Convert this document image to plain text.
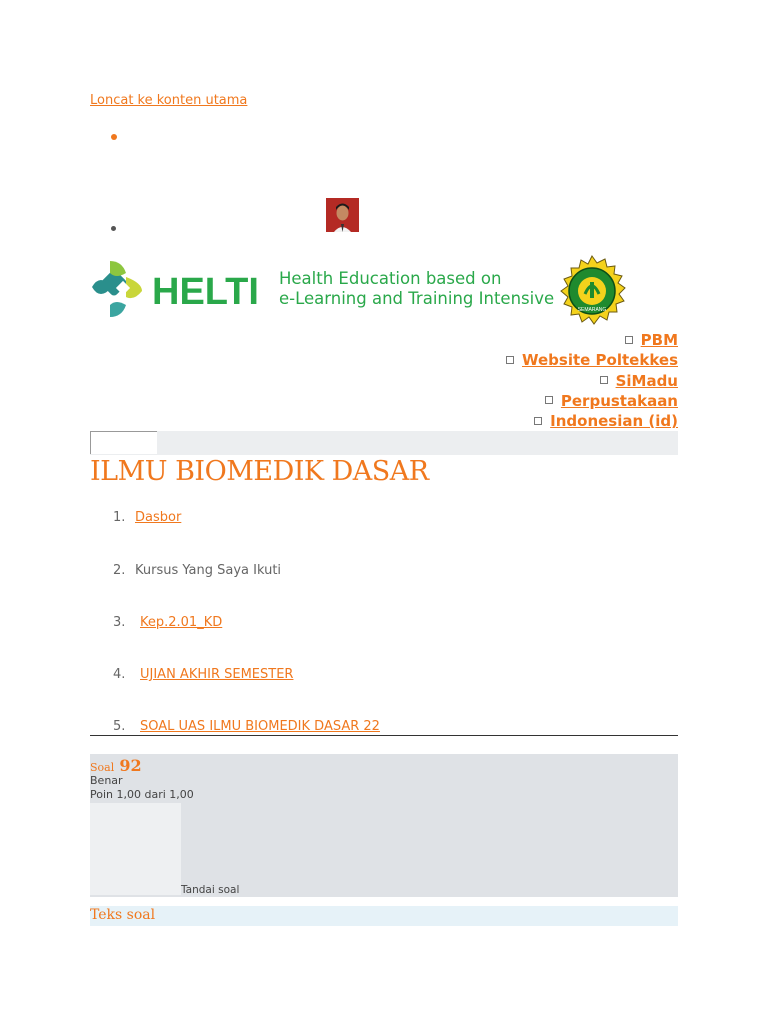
Loncat ke konten utama
HELTI Health Education based on
e-Learning and Training Intensive
SEMARANG
PBM
Website Poltekkes
SiMadu
Perpustakaan
Indonesian (id)
ILMU BIOMEDIK DASAR
1. Dasbor
2. Kursus Yang Saya Ikuti
3. Kep.2.01_KD
4. UJIAN AKHIR SEMESTER
5. SOAL UAS ILMU BIOMEDIK DASAR 22
Soal 92
Benar
Poin 1,00 dari 1,00
Tandai soal
Teks soal
